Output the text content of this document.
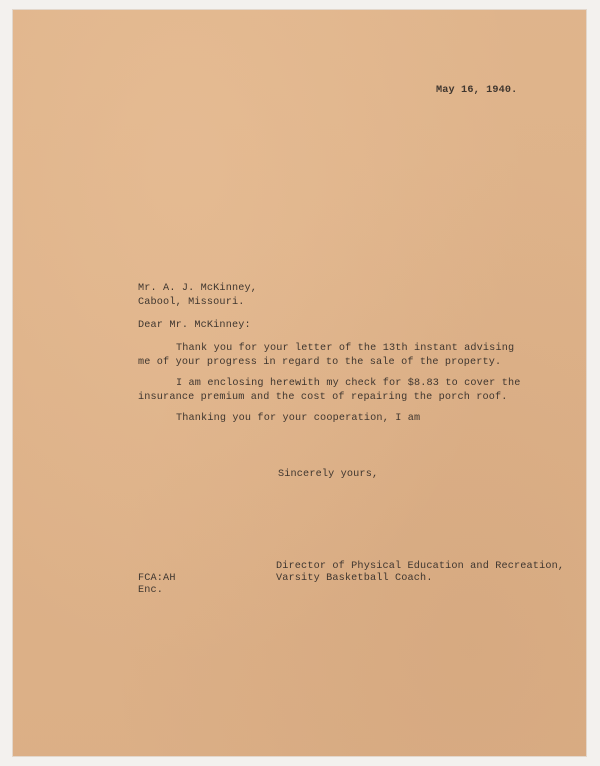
May 16, 1940.
Mr. A. J. McKinney,
Cabool, Missouri.
Dear Mr. McKinney:
Thank you for your letter of the 13th instant advising
me of your progress in regard to the sale of the property.
I am enclosing herewith my check for $8.83 to cover the
insurance premium and the cost of repairing the porch roof.
Thanking you for your cooperation, I am
Sincerely yours,
Director of Physical Education and Recreation,
Varsity Basketball Coach.
FCA:AH
Enc.
